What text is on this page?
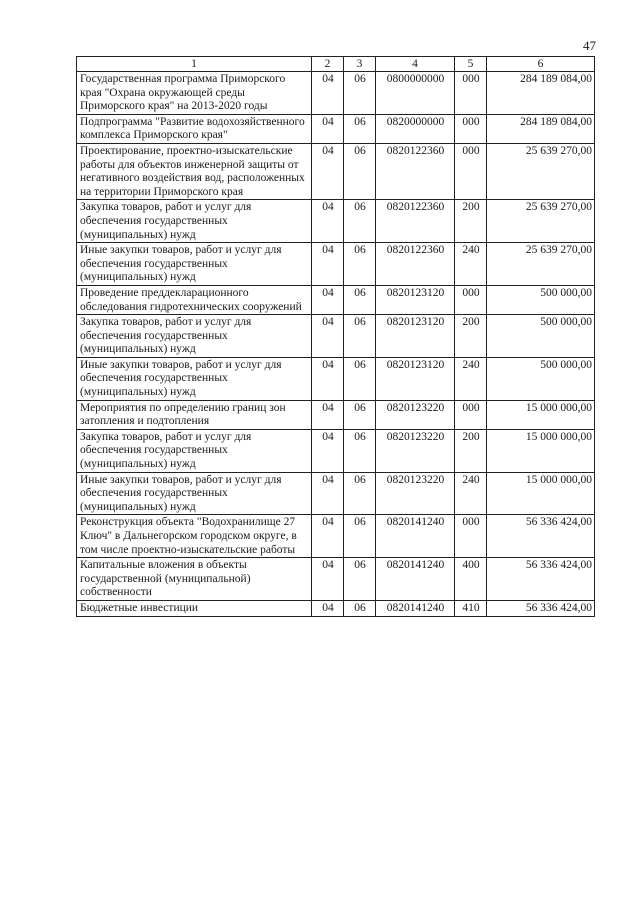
47
1	2	3	4	5	6
Государственная программа Приморского края "Охрана окружающей среды Приморского края" на 2013-2020 годы	04	06	0800000000	000	284 189 084,00
Подпрограмма "Развитие водохозяйственного комплекса Приморского края"	04	06	0820000000	000	284 189 084,00
Проектирование, проектно-изыскательские работы для объектов инженерной защиты от негативного воздействия вод, расположенных на территории Приморского края	04	06	0820122360	000	25 639 270,00
Закупка товаров, работ и услуг для обеспечения государственных (муниципальных) нужд	04	06	0820122360	200	25 639 270,00
Иные закупки товаров, работ и услуг для обеспечения государственных (муниципальных) нужд	04	06	0820122360	240	25 639 270,00
Проведение преддекларационного обследования гидротехнических сооружений	04	06	0820123120	000	500 000,00
Закупка товаров, работ и услуг для обеспечения государственных (муниципальных) нужд	04	06	0820123120	200	500 000,00
Иные закупки товаров, работ и услуг для обеспечения государственных (муниципальных) нужд	04	06	0820123120	240	500 000,00
Мероприятия по определению границ зон затопления и подтопления	04	06	0820123220	000	15 000 000,00
Закупка товаров, работ и услуг для обеспечения государственных (муниципальных) нужд	04	06	0820123220	200	15 000 000,00
Иные закупки товаров, работ и услуг для обеспечения государственных (муниципальных) нужд	04	06	0820123220	240	15 000 000,00
Реконструкция объекта "Водохранилище 27 Ключ" в Дальнегорском городском округе, в том числе проектно-изыскательские работы	04	06	0820141240	000	56 336 424,00
Капитальные вложения в объекты государственной (муниципальной) собственности	04	06	0820141240	400	56 336 424,00
Бюджетные инвестиции	04	06	0820141240	410	56 336 424,00
